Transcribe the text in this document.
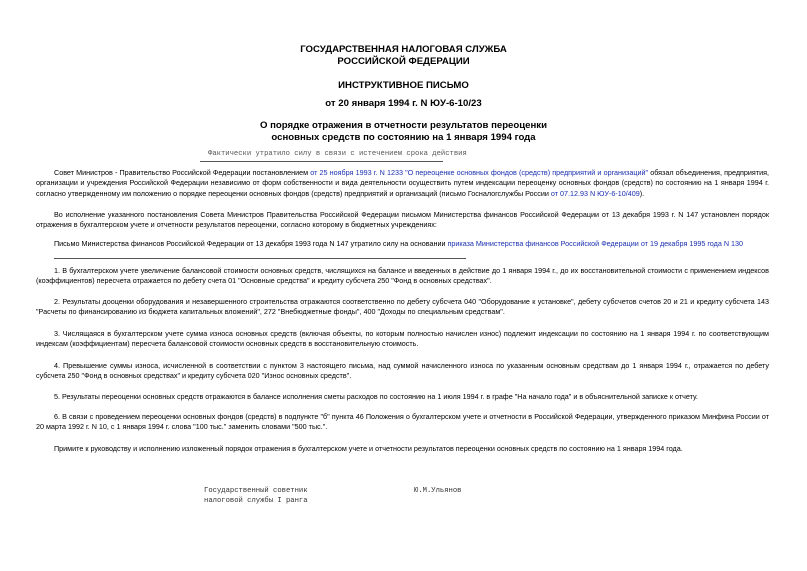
ГОСУДАРСТВЕННАЯ НАЛОГОВАЯ СЛУЖБА
РОССИЙСКОЙ ФЕДЕРАЦИИ
ИНСТРУКТИВНОЕ ПИСЬМО
от 20 января 1994 г. N ЮУ-6-10/23
О порядке отражения в отчетности результатов переоценки
основных средств по состоянию на 1 января 1994 года
Фактически утратило силу в связи с истечением срока действия
Совет Министров - Правительство Российской Федерации постановлением от 25 ноября 1993 г. N 1233 "О переоценке основных фондов (средств) предприятий и организаций" обязал объединения, предприятия, организации и учреждения Российской Федерации независимо от форм собственности и вида деятельности осуществить путем индексации переоценку основных фондов (средств) по состоянию на 1 января 1994 г. согласно утвержденному им положению о порядке переоценки основных фондов (средств) предприятий и организаций (письмо Госналогслужбы России от 07.12.93 N ЮУ-6-10/409).
Во исполнение указанного постановления Совета Министров Правительства Российской Федерации письмом Министерства финансов Российской Федерации от 13 декабря 1993 г. N 147 установлен порядок отражения в бухгалтерском учете и отчетности результатов переоценки, согласно которому в бюджетных учреждениях:
Письмо Министерства финансов Российской Федерации от 13 декабря 1993 года N 147 утратило силу на основании приказа Министерства финансов Российской Федерации от 19 декабря 1995 года N 130
1. В бухгалтерском учете увеличение балансовой стоимости основных средств, числящихся на балансе и введенных в действие до 1 января 1994 г., до их восстановительной стоимости с применением индексов (коэффициентов) пересчета отражается по дебету счета 01 "Основные средства" и кредиту субсчета 250 "Фонд в основных средствах".
2. Результаты дооценки оборудования и незавершенного строительства отражаются соответственно по дебету субсчета 040 "Оборудование к установке", дебету субсчетов счетов 20 и 21 и кредиту субсчета 143 "Расчеты по финансированию из бюджета капитальных вложений", 272 "Внебюджетные фонды", 400 "Доходы по специальным средствам".
3. Числящаяся в бухгалтерском учете сумма износа основных средств (включая объекты, по которым полностью начислен износ) подлежит индексации по состоянию на 1 января 1994 г. по соответствующим индексам (коэффициентам) пересчета балансовой стоимости основных средств в восстановительную стоимость.
4. Превышение суммы износа, исчисленной в соответствии с пунктом 3 настоящего письма, над суммой начисленного износа по указанным основным средствам до 1 января 1994 г., отражается по дебету субсчета 250 "Фонд в основных средствах" и кредиту субсчета 020 "Износ основных средств".
5. Результаты переоценки основных средств отражаются в балансе исполнения сметы расходов по состоянию на 1 июля 1994 г. в графе "На начало года" и в объяснительной записке к отчету.
6. В связи с проведением переоценки основных фондов (средств) в подпункте "б" пункта 46 Положения о бухгалтерском учете и отчетности в Российской Федерации, утвержденного приказом Минфина России от 20 марта 1992 г. N 10, с 1 января 1994 г. слова "100 тыс." заменить словами "500 тыс.".
Примите к руководству и исполнению изложенный порядок отражения в бухгалтерском учете и отчетности результатов переоценки основных средств по состоянию на 1 января 1994 года.
Государственный советник
налоговой службы I ранга
Ю.М.Ульянов
